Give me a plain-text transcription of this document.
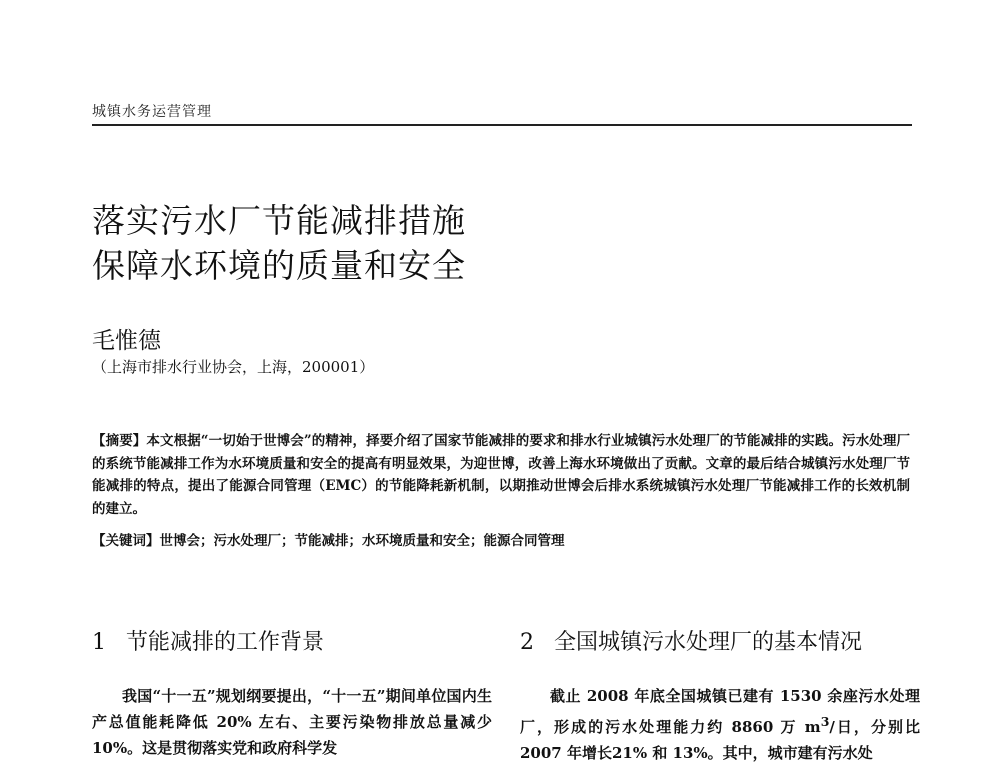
城镇水务运营管理
落实污水厂节能减排措施
保障水环境的质量和安全
毛惟德
（上海市排水行业协会，上海，200001）

【摘要】本文根据“一切始于世博会”的精神，择要介绍了国家节能减排的要求和排水行业城镇污水处理厂的节能减排的实践。污水处理厂的系统节能减排工作为水环境质量和安全的提高有明显效果，为迎世博，改善上海水环境做出了贡献。文章的最后结合城镇污水处理厂节能减排的特点，提出了能源合同管理（EMC）的节能降耗新机制，以期推动世博会后排水系统城镇污水处理厂节能减排工作的长效机制的建立。

【关键词】世博会；污水处理厂；节能减排；水环境质量和安全；能源合同管理

1 节能减排的工作背景	2 全国城镇污水处理厂的基本情况

我国“十一五”规划纲要提出，“十一五”期间单位国内生产总值能耗降低 20% 左右、主要污染物排放总量减少 10%。这是贯彻落实党和政府科学发

截止 2008 年底全国城镇已建有 1530 余座污水处理厂，形成的污水处理能力约 8860 万 $m^3/$日，分别比 2007 年增长21% 和 13%。其中，城市建有污水处
